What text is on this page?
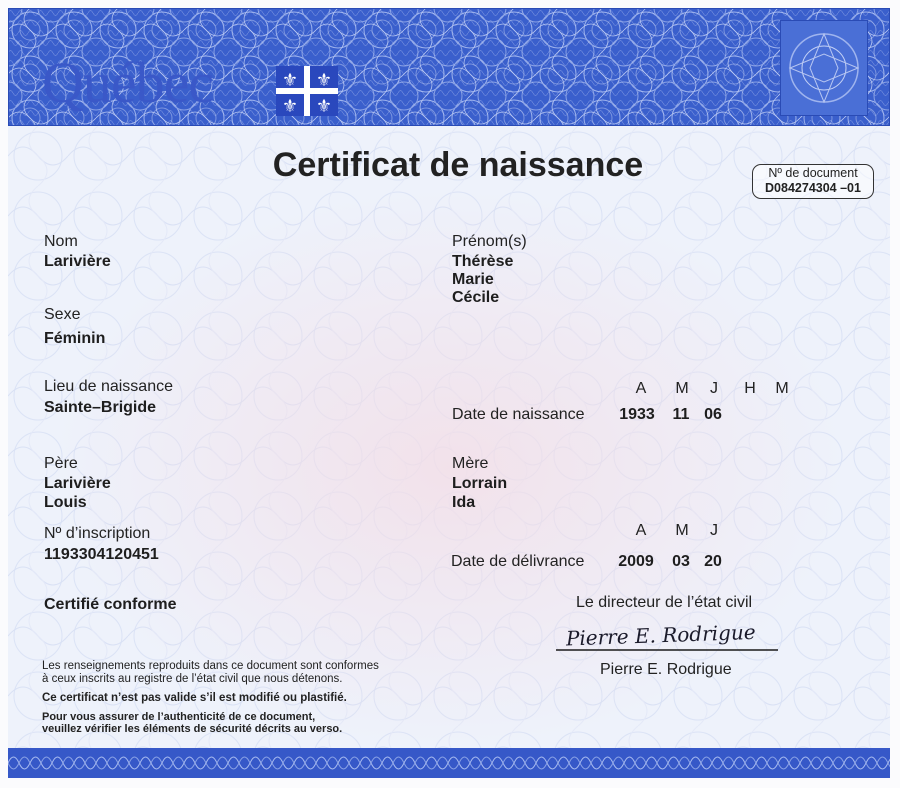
Québec	⚜ ⚜
⚜ ⚜
Certificat de naissance	Nº de document
D084274304 –01
Nom
Larivière
Prénom(s)
Thérèse
Marie
Cécile
Sexe
Féminin
Lieu de naissance
Sainte–Brigide
A	M	J	H	M
Date de naissance 1933 11 06
Père
Larivière
Louis
Mère
Lorrain
Ida
Nº d’inscription
1193304120451
A	M	J
Date de délivrance 2009 03 20
Certifié conforme	Le directeur de l’état civil
Pierre E. Rodrigue
Pierre E. Rodrigue
Les renseignements reproduits dans ce document sont conformes
à ceux inscrits au registre de l’état civil que nous détenons.
Ce certificat n’est pas valide s’il est modifié ou plastifié.
Pour vous assurer de l’authenticité de ce document,
veuillez vérifier les éléments de sécurité décrits au verso.
